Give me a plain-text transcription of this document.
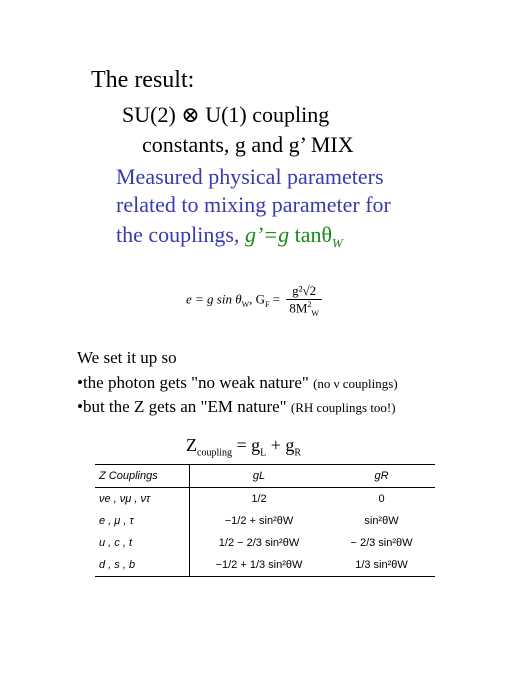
The result:
SU(2) ⊗ U(1) coupling
constants, g and g’ MIX
Measured physical parameters
related to mixing parameter for
the couplings, g’=g tanθ$_W$
e = g $\sin \theta_W$, $G_F = \frac{\text{g²√2}}{8M^2_W}$
We set it up so
•the photon gets "no weak nature" (no ν couplings)
•but the Z gets an "EM nature" (RH couplings too!)
$Z_{coupling} = g_L + g_R$
Z Couplings	gL	gR
νe , νμ , ντ	1/2	0
e , μ , τ	−1/2 + sin²θW	sin²θW
u , c , t	1/2 − 2/3 sin²θW	− 2/3 sin²θW
d , s , b	−1/2 + 1/3 sin²θW	1/3 sin²θW
